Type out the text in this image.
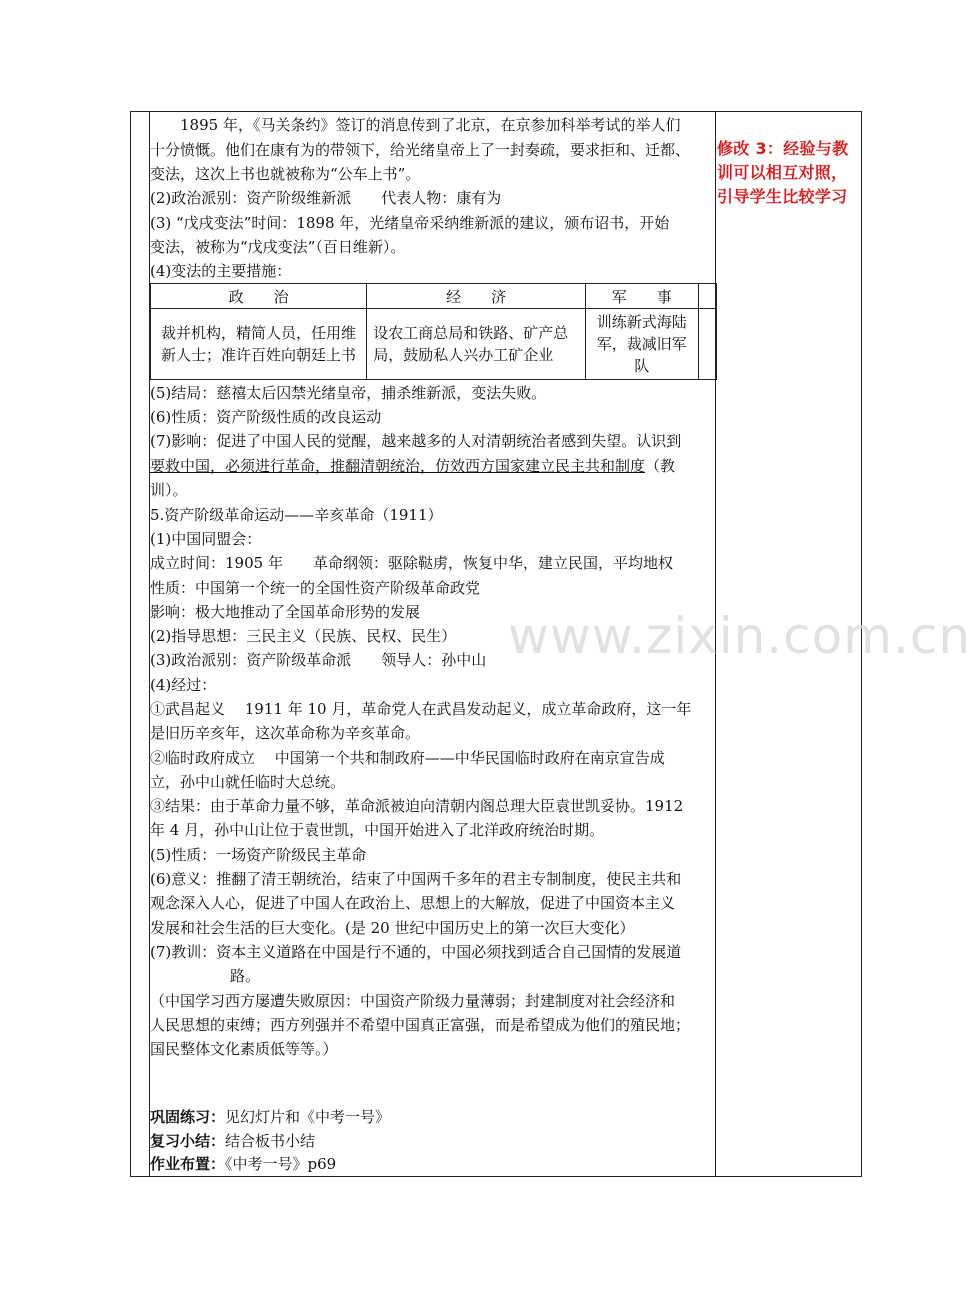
www.zixin.com.cn
1895 年，《马关条约》签订的消息传到了北京，在京参加科举考试的举人们
十分愤慨。他们在康有为的带领下，给光绪皇帝上了一封奏疏，要求拒和、迁都、
变法，这次上书也就被称为“公车上书”。
(2)政治派别：资产阶级维新派　　代表人物：康有为
(3) “戊戌变法”时间：1898 年，光绪皇帝采纳维新派的建议，颁布诏书，开始
变法，被称为“戊戌变法”（百日维新）。
(4)变法的主要措施：
政　　治	经　　济	军　　事	
裁并机构，精简人员，任用维新人士；准许百姓向朝廷上书	设农工商总局和铁路、矿产总局，鼓励私人兴办工矿企业	训练新式海陆军，裁减旧军队	
(5)结局：慈禧太后囚禁光绪皇帝，捕杀维新派，变法失败。
(6)性质：资产阶级性质的改良运动
(7)影响：促进了中国人民的觉醒，越来越多的人对清朝统治者感到失望。认识到
要救中国，必须进行革命，推翻清朝统治，仿效西方国家建立民主共和制度（教
训）。
5.资产阶级革命运动——辛亥革命（1911）
(1)中国同盟会：
成立时间：1905 年　　革命纲领：驱除鞑虏，恢复中华，建立民国，平均地权
性质：中国第一个统一的全国性资产阶级革命政党
影响：极大地推动了全国革命形势的发展
(2)指导思想：三民主义（民族、民权、民生）
(3)政治派别：资产阶级革命派　　领导人：孙中山
(4)经过：
①武昌起义　 1911 年 10 月，革命党人在武昌发动起义，成立革命政府，这一年
是旧历辛亥年，这次革命称为辛亥革命。
②临时政府成立　 中国第一个共和制政府——中华民国临时政府在南京宣告成
立，孙中山就任临时大总统。
③结果：由于革命力量不够，革命派被迫向清朝内阁总理大臣袁世凯妥协。1912
年 4 月，孙中山让位于袁世凯，中国开始进入了北洋政府统治时期。
(5)性质：一场资产阶级民主革命
(6)意义：推翻了清王朝统治，结束了中国两千多年的君主专制制度，使民主共和
观念深入人心，促进了中国人在政治上、思想上的大解放，促进了中国资本主义
发展和社会生活的巨大变化。(是 20 世纪中国历史上的第一次巨大变化）
(7)教训：资本主义道路在中国是行不通的，中国必须找到适合自己国情的发展道
路。
（中国学习西方屡遭失败原因：中国资产阶级力量薄弱；封建制度对社会经济和
人民思想的束缚；西方列强并不希望中国真正富强，而是希望成为他们的殖民地；
国民整体文化素质低等等。）
巩固练习：见幻灯片和《中考一号》
复习小结：结合板书小结
作业布置：《中考一号》p69
修改 3：经验与教训可以相互对照，引导学生比较学习
